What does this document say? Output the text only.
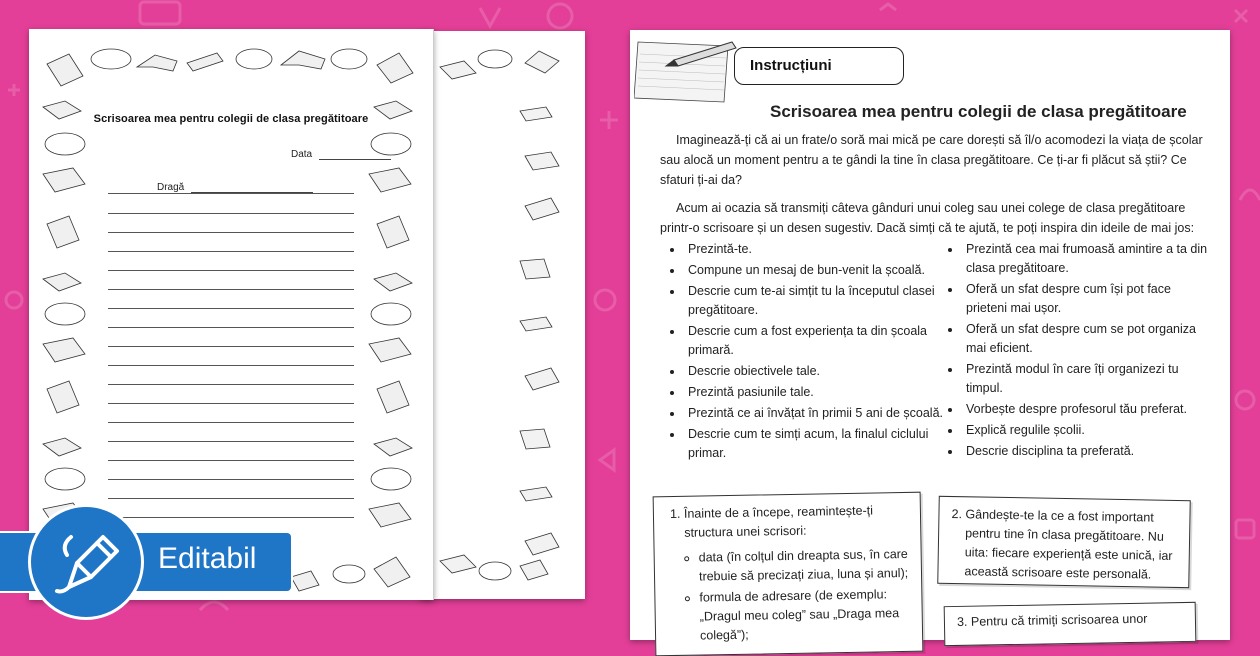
Scrisoarea mea pentru colegii de clasa pregătitoare
Data
Dragă
Editabil
Instrucțiuni
Scrisoarea mea pentru colegii de clasa pregătitoare
Imaginează-ți că ai un frate/o soră mai mică pe care dorești să îl/o acomodezi la viața de școlar sau alocă un moment pentru a te gândi la tine în clasa pregătitoare. Ce ți-ar fi plăcut să știi? Ce sfaturi ți-ai da?
Acum ai ocazia să transmiți câteva gânduri unui coleg sau unei colege de clasa pregătitoare printr-o scrisoare și un desen sugestiv. Dacă simți că te ajută, te poți inspira din ideile de mai jos:
• Prezintă-te.
• Compune un mesaj de bun-venit la școală.
• Descrie cum te-ai simțit tu la începutul clasei pregătitoare.
• Descrie cum a fost experiența ta din școala primară.
• Descrie obiectivele tale.
• Prezintă pasiunile tale.
• Prezintă ce ai învățat în primii 5 ani de școală.
• Descrie cum te simți acum, la finalul ciclului primar.
• Prezintă cea mai frumoasă amintire a ta din clasa pregătitoare.
• Oferă un sfat despre cum își pot face prieteni mai ușor.
• Oferă un sfat despre cum se pot organiza mai eficient.
• Prezintă modul în care îți organizezi tu timpul.
• Vorbește despre profesorul tău preferat.
• Explică regulile școlii.
• Descrie disciplina ta preferată.
1. Înainte de a începe, reamintește-ți structura unei scrisori:
◦ data (în colțul din dreapta sus, în care trebuie să precizați ziua, luna și anul);
◦ formula de adresare (de exemplu: „Dragul meu coleg” sau „Draga mea colegă”);
2. Gândește-te la ce a fost important pentru tine în clasa pregătitoare. Nu uita: fiecare experiență este unică, iar această scrisoare este personală.
3. Pentru că trimiți scrisoarea unor
